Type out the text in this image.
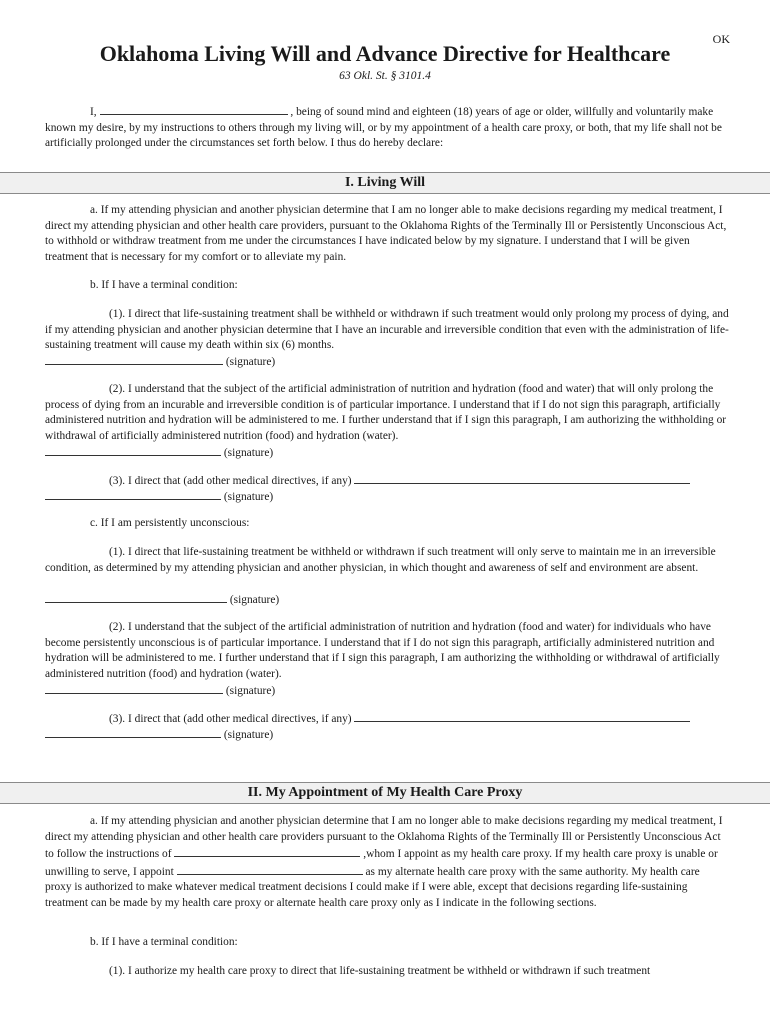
OK
Oklahoma Living Will and Advance Directive for Healthcare
63 Okl. St. § 3101.4

I,	, being of sound mind and eighteen (18) years of age or older, willfully and voluntarily make known my desire, by my instructions to others through my living will, or by my appointment of a health care proxy, or both, that my life shall not be artificially prolonged under the circumstances set forth below. I thus do hereby declare:

I. Living Will

a. If my attending physician and another physician determine that I am no longer able to make decisions regarding my medical treatment, I direct my attending physician and other health care providers, pursuant to the Oklahoma Rights of the Terminally Ill or Persistently Unconscious Act, to withhold or withdraw treatment from me under the circumstances I have indicated below by my signature. I understand that I will be given treatment that is necessary for my comfort or to alleviate my pain.

b. If I have a terminal condition:

(1). I direct that life-sustaining treatment shall be withheld or withdrawn if such treatment would only prolong my process of dying, and if my attending physician and another physician determine that I have an incurable and irreversible condition that even with the administration of life-sustaining treatment will cause my death within six (6) months.

(signature)

(2). I understand that the subject of the artificial administration of nutrition and hydration (food and water) that will only prolong the process of dying from an incurable and irreversible condition is of particular importance. I understand that if I do not sign this paragraph, artificially administered nutrition and hydration will be administered to me. I further understand that if I sign this paragraph, I am authorizing the withholding or withdrawal of artificially administered nutrition (food) and hydration (water).

(signature)
(3). I direct that (add other medical directives, if any)
(signature)

c. If I am persistently unconscious:

(1). I direct that life-sustaining treatment be withheld or withdrawn if such treatment will only serve to maintain me in an irreversible condition, as determined by my attending physician and another physician, in which thought and awareness of self and environment are absent.

(signature)

(2). I understand that the subject of the artificial administration of nutrition and hydration (food and water) for individuals who have become persistently unconscious is of particular importance. I understand that if I do not sign this paragraph, artificially administered nutrition and hydration will be administered to me. I further understand that if I sign this paragraph, I am authorizing the withholding or withdrawal of artificially administered nutrition (food) and hydration (water).

(signature)
(3). I direct that (add other medical directives, if any)
(signature)
II. My Appointment of My Health Care Proxy

a. If my attending physician and another physician determine that I am no longer able to make decisions regarding my medical treatment, I direct my attending physician and other health care providers pursuant to the Oklahoma Rights of the Terminally Ill or Persistently Unconscious Act to follow the instructions of	,whom I appoint as my health care proxy. If my health care proxy is unable or unwilling to serve, I appoint	as my alternate health care proxy with the same authority. My health care proxy is authorized to make whatever medical treatment decisions I could make if I were able, except that decisions regarding life-sustaining treatment can be made by my health care proxy or alternate health care proxy only as I indicate in the following sections.

b. If I have a terminal condition:

(1). I authorize my health care proxy to direct that life-sustaining treatment be withheld or withdrawn if such treatment
